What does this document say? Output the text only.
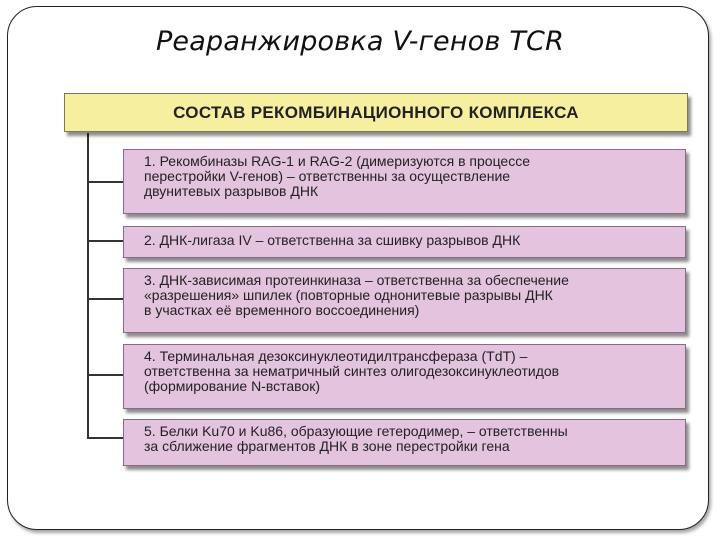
Реаранжировка V-генов TCR
СОСТАВ РЕКОМБИНАЦИОННОГО КОМПЛЕКСА
1. Рекомбиназы RAG-1 и RAG-2 (димеризуются в процессе
перестройки V-генов) – ответственны за осуществление
двунитевых разрывов ДНК
2. ДНК-лигаза IV – ответственна за сшивку разрывов ДНК
3. ДНК-зависимая протеинкиназа – ответственна за обеспечение
«разрешения» шпилек (повторные однонитевые разрывы ДНК
в участках её временного воссоединения)
4. Терминальная дезоксинуклеотидилтрансфераза (TdT) –
ответственна за нематричный синтез олигодезоксинуклеотидов
(формирование N-вставок)
5. Белки Ku70 и Ku86, образующие гетеродимер, – ответственны
за сближение фрагментов ДНК в зоне перестройки гена
